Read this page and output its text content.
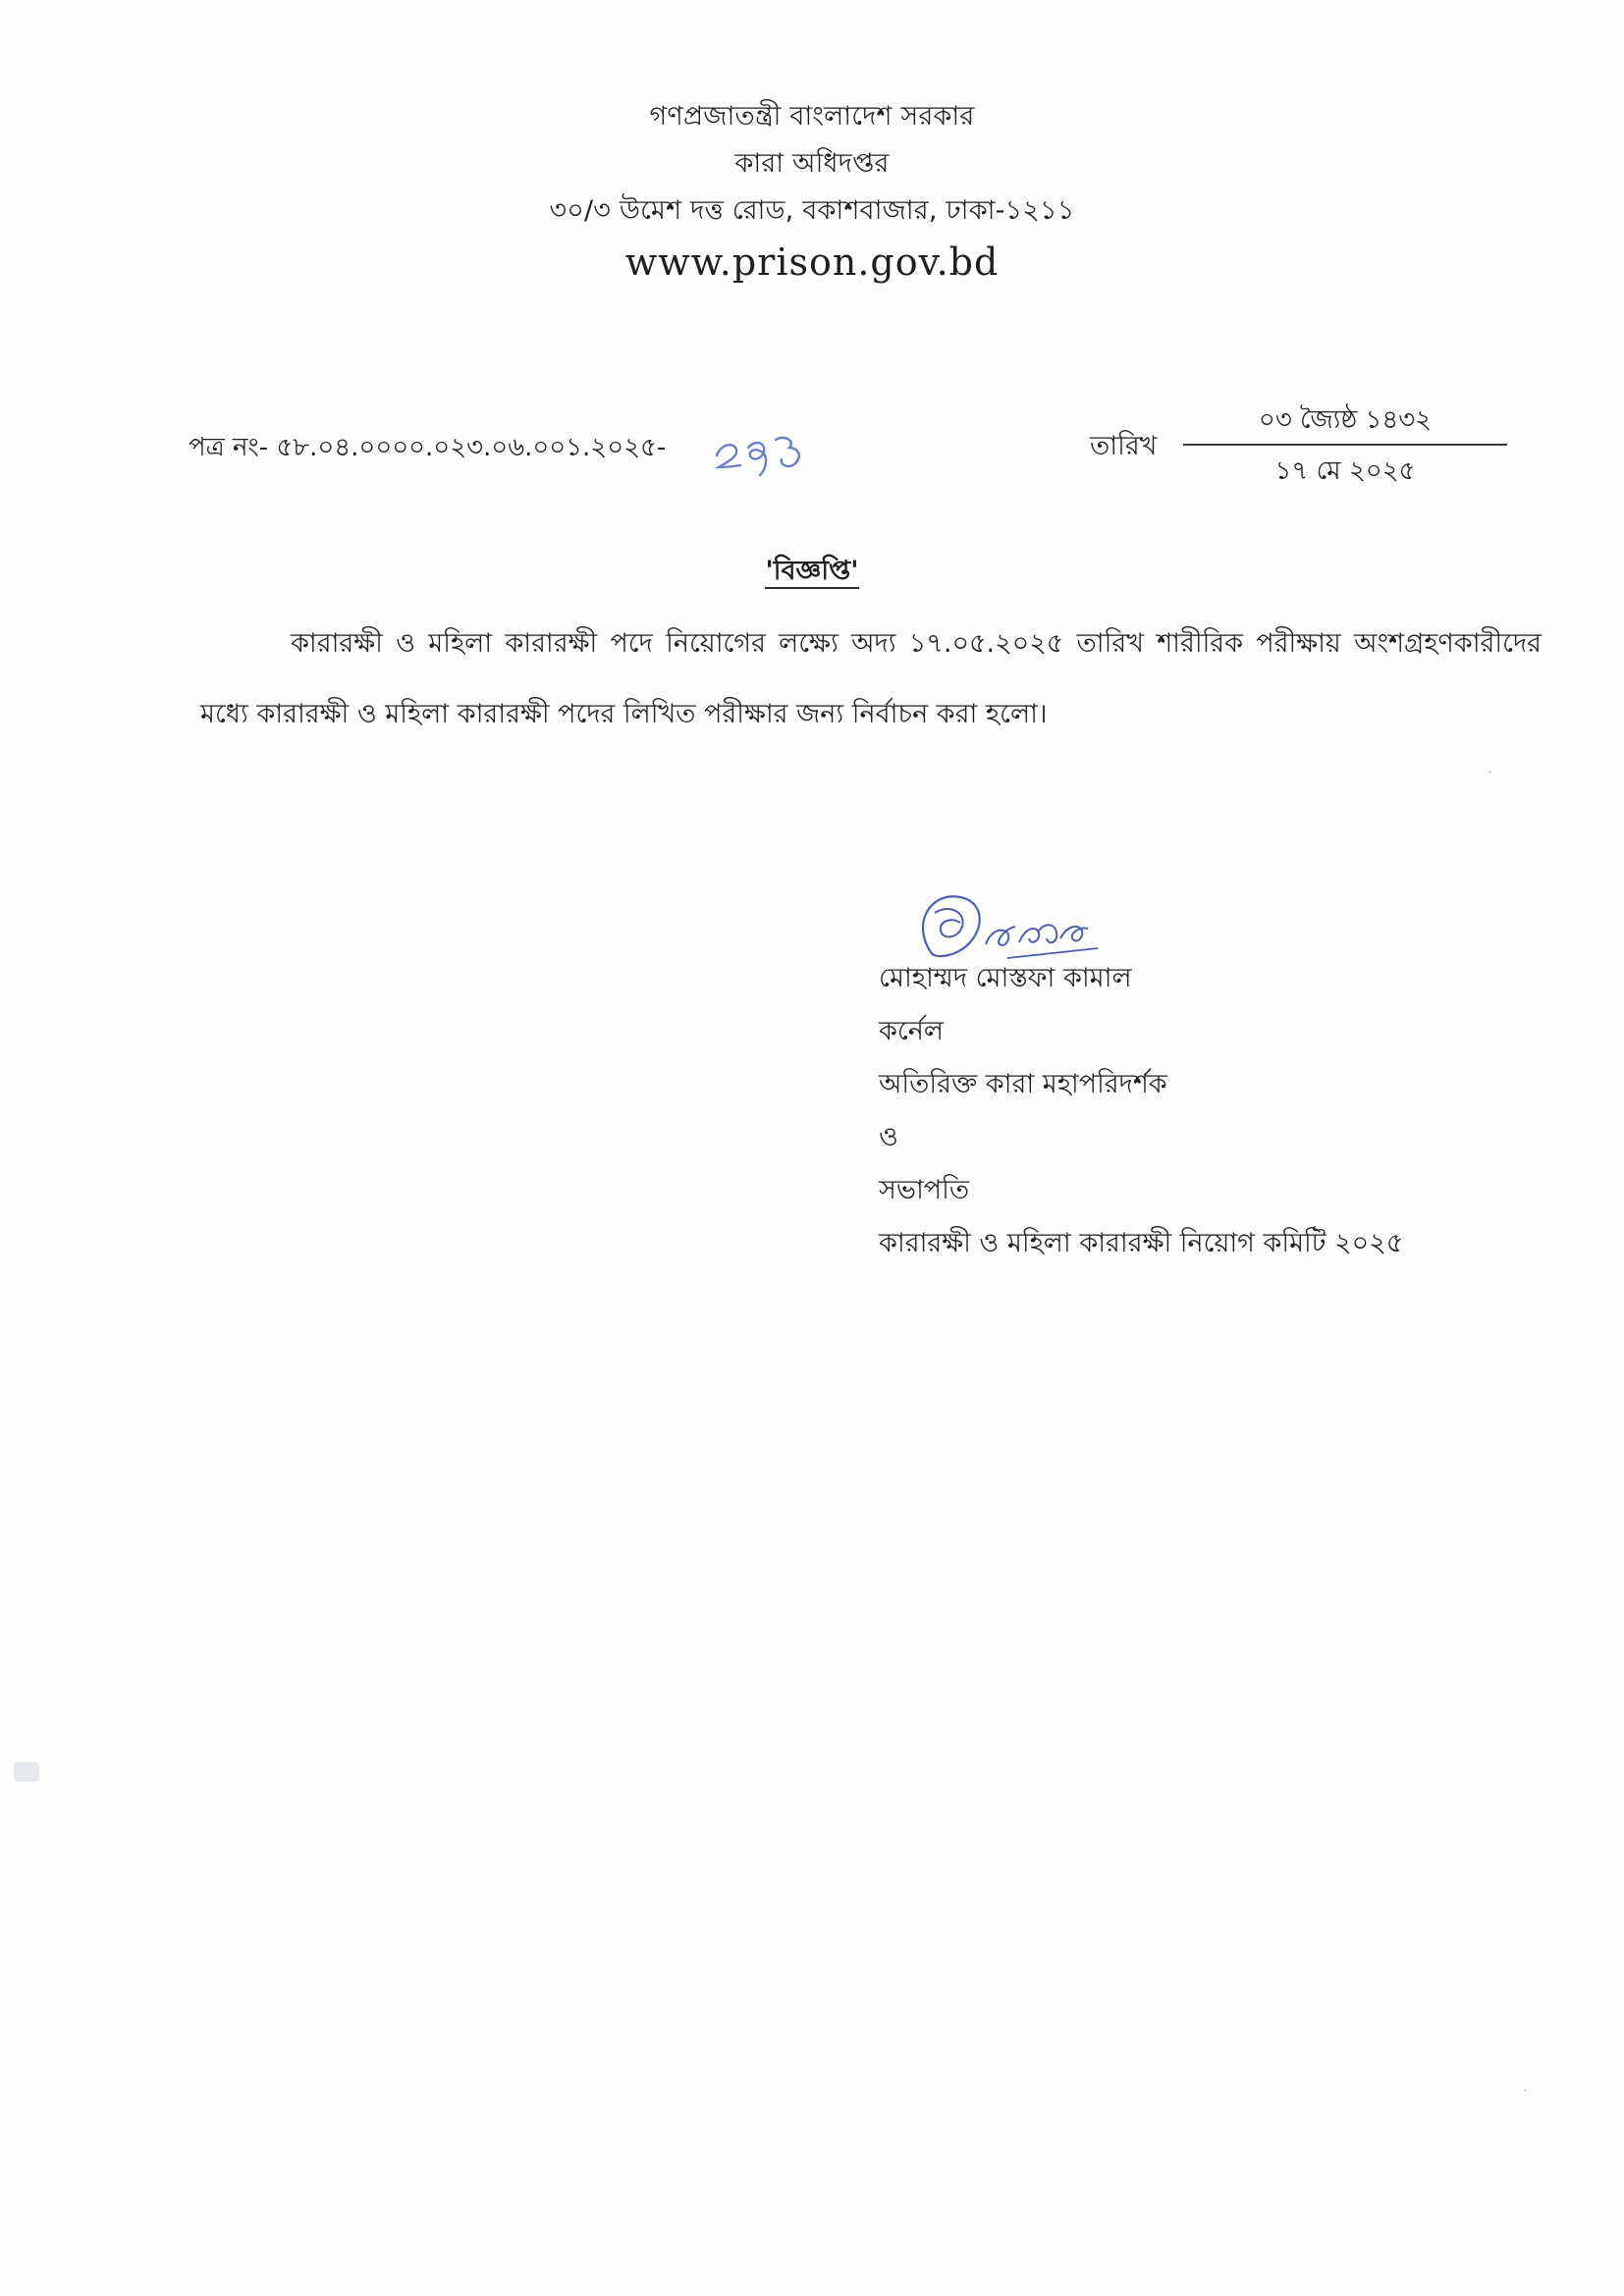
গণপ্রজাতন্ত্রী বাংলাদেশ সরকার
কারা অধিদপ্তর
৩০/৩ উমেশ দত্ত রোড, বকাশবাজার, ঢাকা-১২১১
www.prison.gov.bd
পত্র নং- ৫৮.০৪.০০০০.০২৩.০৬.০০১.২০২৫-	তারিখ
০৩ জ্যৈষ্ঠ ১৪৩২
১৭ মে ২০২৫
'বিজ্ঞপ্তি'
কারারক্ষী ও মহিলা কারারক্ষী পদে নিয়োগের লক্ষ্যে অদ্য ১৭.০৫.২০২৫ তারিখ শারীরিক পরীক্ষায় অংশগ্রহণকারীদের মধ্যে কারারক্ষী ও মহিলা কারারক্ষী পদের লিখিত পরীক্ষার জন্য নির্বাচন করা হলো।
মোহাম্মদ মোস্তফা কামাল
কর্নেল
অতিরিক্ত কারা মহাপরিদর্শক
ও
সভাপতি
কারারক্ষী ও মহিলা কারারক্ষী নিয়োগ কমিটি ২০২৫
